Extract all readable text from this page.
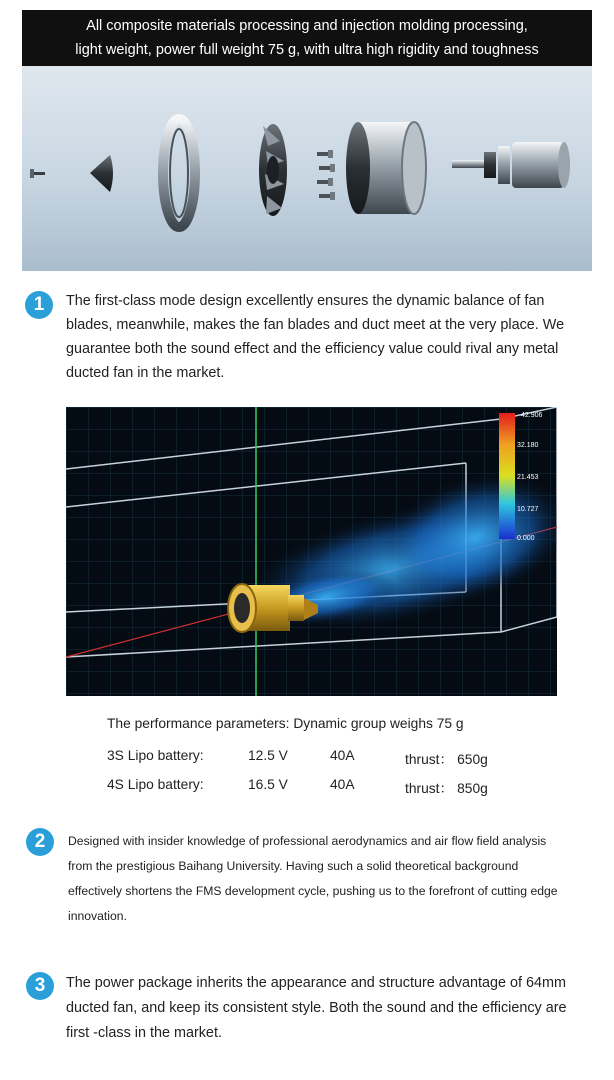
All composite materials processing and injection molding processing,
light weight, power full weight 75 g, with ultra high rigidity and toughness
1	The first-class mode design excellently ensures the dynamic balance of fan blades, meanwhile, makes the fan blades and duct meet at the very place. We guarantee both the sound effect and the efficiency value could rival any metal ducted fan in the market.
42.906
32.180
21.453
10.727
0.000
The performance parameters: Dynamic group weighs 75 g
3S Lipo battery:	12.5 V	40A	thrust： 650g
4S Lipo battery:	16.5 V	40A	thrust： 850g
2	Designed with insider knowledge of professional aerodynamics and air flow field analysis from the prestigious Baihang University. Having such a solid theoretical background effectively shortens the FMS development cycle, pushing us to the forefront of cutting edge innovation.
3	The power package inherits the appearance and structure advantage of 64mm ducted fan, and keep its consistent style. Both the sound and the efficiency are first -class in the market.
